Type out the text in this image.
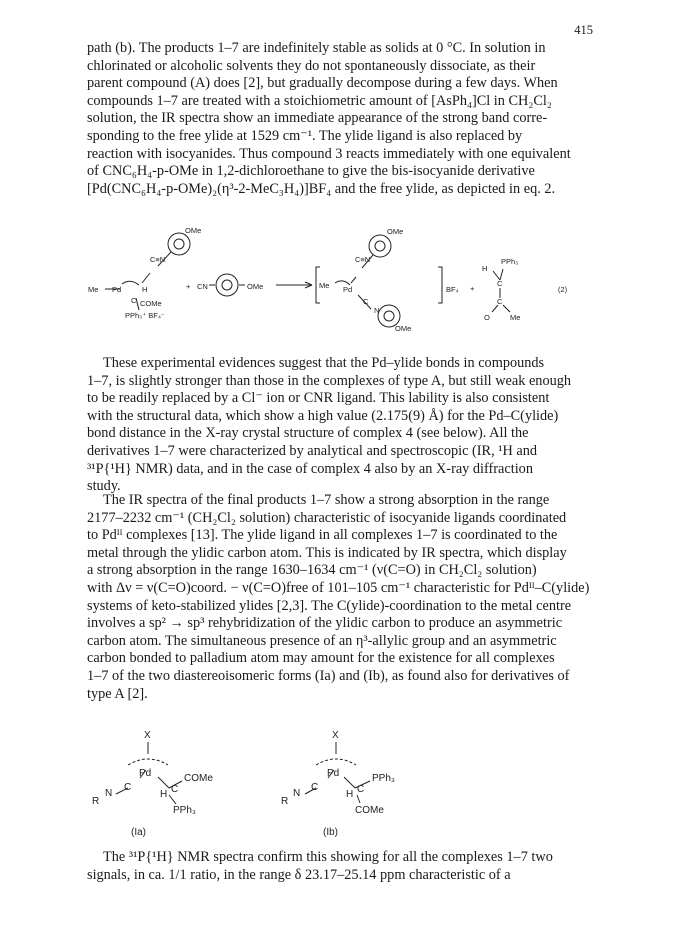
415

path (b). The products 1–7 are indefinitely stable as solids at 0 °C. In solution in
chlorinated or alcoholic solvents they do not spontaneously dissociate, as their
parent compound (A) does [2], but gradually decompose during a few days. When
compounds 1–7 are treated with a stoichiometric amount of [AsPh₄]Cl in CH₂Cl₂
solution, the IR spectra show an immediate appearance of the strong band corre-
sponding to the free ylide at 1529 cm⁻¹. The ylide ligand is also replaced by
reaction with isocyanides. Thus compound 3 reacts immediately with one equivalent
of CNC₆H₄-p-OMe in 1,2-dichloroethane to give the bis-isocyanide derivative
[Pd(CNC₆H₄-p-OMe)₂(η³-2-MeC₃H₄)]BF₄ and the free ylide, as depicted in eq. 2.

OMe
C≡N
Me Pd	H
C COMe
PPh₃⁺ BF₄⁻
+ CN	OMe	Me Pd
OMe
C≡N
C
N
OMe
BF₄ +
H
PPh₃
C
C
O	Me
(2)

These experimental evidences suggest that the Pd–ylide bonds in compounds
1–7, is slightly stronger than those in the complexes of type A, but still weak enough
to be readily replaced by a Cl⁻ ion or CNR ligand. This lability is also consistent
with the structural data, which show a high value (2.175(9) Å) for the Pd–C(ylide)
bond distance in the X-ray crystal structure of complex 4 (see below). All the
derivatives 1–7 were characterized by analytical and spectroscopic (IR, ¹H and
³¹P{¹H} NMR) data, and in the case of complex 4 also by an X-ray diffraction
study.

The IR spectra of the final products 1–7 show a strong absorption in the range
2177–2232 cm⁻¹ (CH₂Cl₂ solution) characteristic of isocyanide ligands coordinated
to Pdᴵᴵ complexes [13]. The ylide ligand in all complexes 1–7 is coordinated to the
metal through the ylidic carbon atom. This is indicated by IR spectra, which display
a strong absorption in the range 1630–1634 cm⁻¹ (ν(C=O) in CH₂Cl₂ solution)
with Δν = ν(C=O)coord. − ν(C=O)free of 101–105 cm⁻¹ characteristic for Pdᴵᴵ–C(ylide)
systems of keto-stabilized ylides [2,3]. The C(ylide)-coordination to the metal centre
involves a sp² → sp³ rehybridization of the ylidic carbon to produce an asymmetric
carbon atom. The simultaneous presence of an η³-allylic group and an asymmetric
carbon bonded to palladium atom may amount for the existence for all complexes
1–7 of the two diastereoisomeric forms (Ia) and (Ib), as found also for derivatives of
type A [2].

X
Pd	COMe
H C
C
N
R
PPh₃
X
Pd	PPh₃
H C
C
N
R
COMe
(Ia)	(Ib)

The ³¹P{¹H} NMR spectra confirm this showing for all the complexes 1–7 two
signals, in ca. 1/1 ratio, in the range δ 23.17–25.14 ppm characteristic of a
